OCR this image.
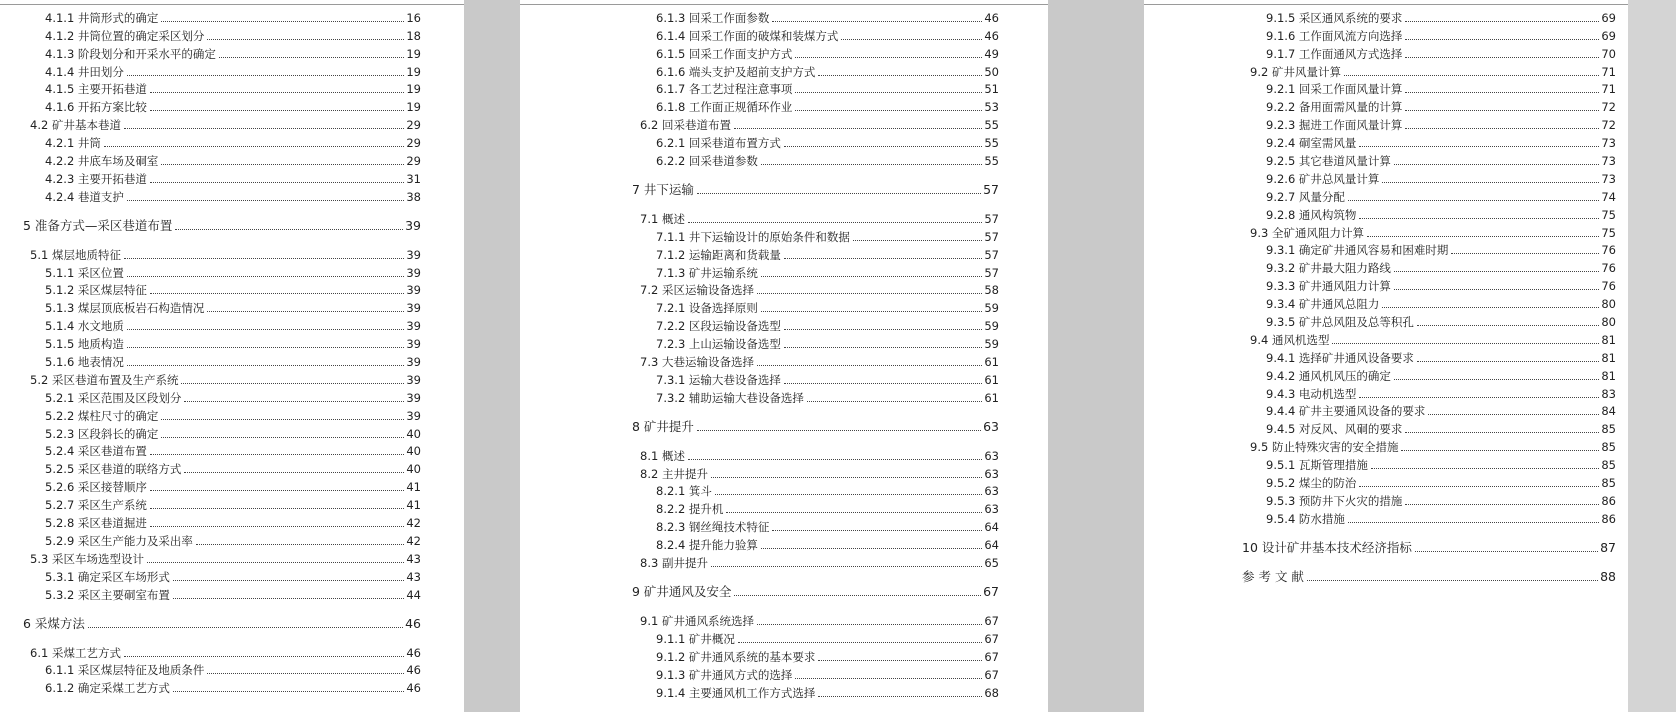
4.1.1 井筒形式的确定	16
4.1.2 井筒位置的确定采区划分	18
4.1.3 阶段划分和开采水平的确定	19
4.1.4 井田划分	19
4.1.5 主要开拓巷道	19
4.1.6 开拓方案比较	19
4.2 矿井基本巷道	29
4.2.1 井筒	29
4.2.2 井底车场及硐室	29
4.2.3 主要开拓巷道	31
4.2.4 巷道支护	38
5 准备方式—采区巷道布置	39
5.1 煤层地质特征	39
5.1.1 采区位置	39
5.1.2 采区煤层特征	39
5.1.3 煤层顶底板岩石构造情况	39
5.1.4 水文地质	39
5.1.5 地质构造	39
5.1.6 地表情况	39
5.2 采区巷道布置及生产系统	39
5.2.1 采区范围及区段划分	39
5.2.2 煤柱尺寸的确定	39
5.2.3 区段斜长的确定	40
5.2.4 采区巷道布置	40
5.2.5 采区巷道的联络方式	40
5.2.6 采区接替顺序	41
5.2.7 采区生产系统	41
5.2.8 采区巷道掘进	42
5.2.9 采区生产能力及采出率	42
5.3 采区车场选型设计	43
5.3.1 确定采区车场形式	43
5.3.2 采区主要硐室布置	44
6 采煤方法	46
6.1 采煤工艺方式	46
6.1.1 采区煤层特征及地质条件	46
6.1.2 确定采煤工艺方式	46
6.1.3 回采工作面参数	46
6.1.4 回采工作面的破煤和装煤方式	46
6.1.5 回采工作面支护方式	49
6.1.6 端头支护及超前支护方式	50
6.1.7 各工艺过程注意事项	51
6.1.8 工作面正规循环作业	53
6.2 回采巷道布置	55
6.2.1 回采巷道布置方式	55
6.2.2 回采巷道参数	55
7 井下运输	57
7.1 概述	57
7.1.1 井下运输设计的原始条件和数据	57
7.1.2 运输距离和货载量	57
7.1.3 矿井运输系统	57
7.2 采区运输设备选择	58
7.2.1 设备选择原则	59
7.2.2 区段运输设备选型	59
7.2.3 上山运输设备选型	59
7.3 大巷运输设备选择	61
7.3.1 运输大巷设备选择	61
7.3.2 辅助运输大巷设备选择	61
8 矿井提升	63
8.1 概述	63
8.2 主井提升	63
8.2.1 箕斗	63
8.2.2 提升机	63
8.2.3 钢丝绳技术特征	64
8.2.4 提升能力验算	64
8.3 副井提升	65
9 矿井通风及安全	67
9.1 矿井通风系统选择	67
9.1.1 矿井概况	67
9.1.2 矿井通风系统的基本要求	67
9.1.3 矿井通风方式的选择	67
9.1.4 主要通风机工作方式选择	68
9.1.5 采区通风系统的要求	69
9.1.6 工作面风流方向选择	69
9.1.7 工作面通风方式选择	70
9.2 矿井风量计算	71
9.2.1 回采工作面风量计算	71
9.2.2 备用面需风量的计算	72
9.2.3 掘进工作面风量计算	72
9.2.4 硐室需风量	73
9.2.5 其它巷道风量计算	73
9.2.6 矿井总风量计算	73
9.2.7 风量分配	74
9.2.8 通风构筑物	75
9.3 全矿通风阻力计算	75
9.3.1 确定矿井通风容易和困难时期	76
9.3.2 矿井最大阻力路线	76
9.3.3 矿井通风阻力计算	76
9.3.4 矿井通风总阻力	80
9.3.5 矿井总风阻及总等积孔	80
9.4 通风机选型	81
9.4.1 选择矿井通风设备要求	81
9.4.2 通风机风压的确定	81
9.4.3 电动机选型	83
9.4.4 矿井主要通风设备的要求	84
9.4.5 对反风、风硐的要求	85
9.5 防止特殊灾害的安全措施	85
9.5.1 瓦斯管理措施	85
9.5.2 煤尘的防治	85
9.5.3 预防井下火灾的措施	86
9.5.4 防水措施	86
10 设计矿井基本技术经济指标	87
参 考 文 献	88
